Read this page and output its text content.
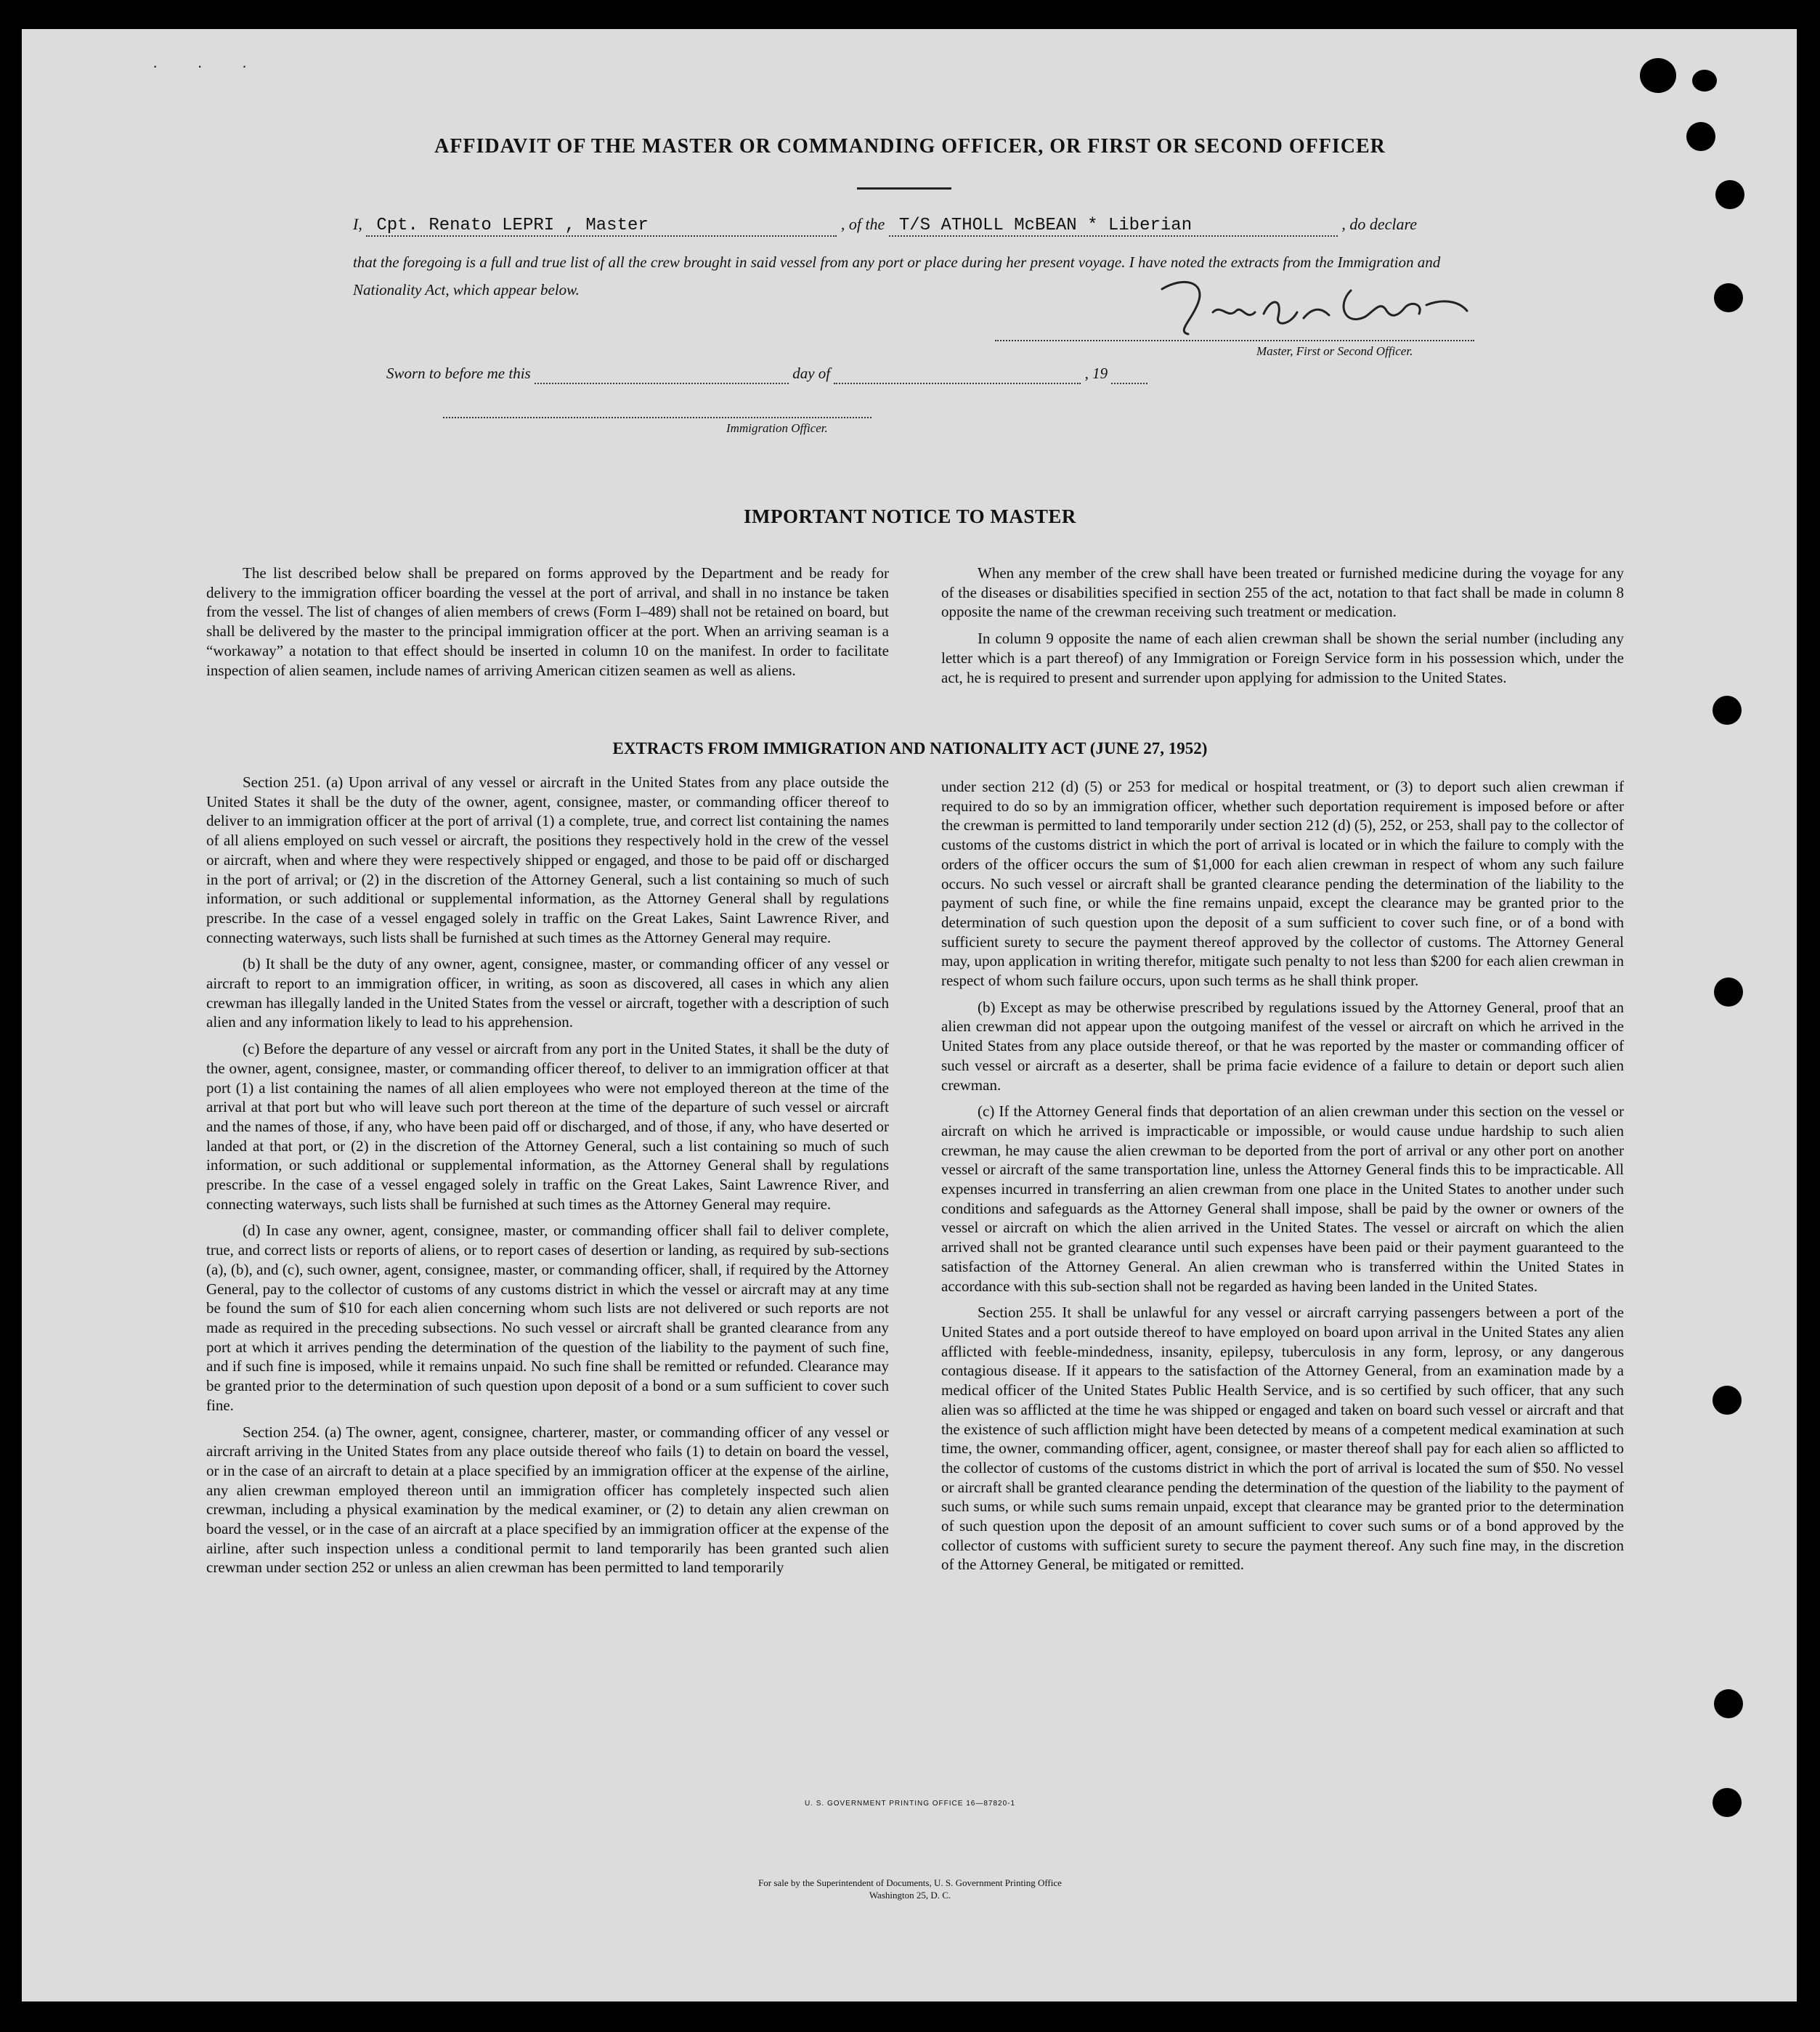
· · ·
AFFIDAVIT OF THE MASTER OR COMMANDING OFFICER, OR FIRST OR SECOND OFFICER
I, Cpt. Renato LEPRI , Master	, of the T/S ATHOLL McBEAN * Liberian	, do declare
that the foregoing is a full and true list of all the crew brought in said vessel from any port or place during her present voyage. I have noted the extracts from the Immigration and Nationality Act, which appear below.
Master, First or Second Officer.
Sworn to before me this	day of	, 19
Immigration Officer.
IMPORTANT NOTICE TO MASTER

The list described below shall be prepared on forms approved by the Department and be ready for delivery to the immigration officer boarding the vessel at the port of arrival, and shall in no instance be taken from the vessel. The list of changes of alien members of crews (Form I–489) shall not be retained on board, but shall be delivered by the master to the principal immigration officer at the port. When an arriving seaman is a “workaway” a notation to that effect should be inserted in column 10 on the manifest. In order to facilitate inspection of alien seamen, include names of arriving American citizen seamen as well as aliens.

When any member of the crew shall have been treated or furnished medicine during the voyage for any of the diseases or disabilities specified in section 255 of the act, notation to that fact shall be made in column 8 opposite the name of the crewman receiving such treatment or medication.

In column 9 opposite the name of each alien crewman shall be shown the serial number (including any letter which is a part thereof) of any Immigration or Foreign Service form in his possession which, under the act, he is required to present and surrender upon applying for admission to the United States.

EXTRACTS FROM IMMIGRATION AND NATIONALITY ACT (JUNE 27, 1952)

Section 251. (a) Upon arrival of any vessel or aircraft in the United States from any place outside the United States it shall be the duty of the owner, agent, consignee, master, or commanding officer thereof to deliver to an immigration officer at the port of arrival (1) a complete, true, and correct list containing the names of all aliens employed on such vessel or aircraft, the positions they respectively hold in the crew of the vessel or aircraft, when and where they were respectively shipped or engaged, and those to be paid off or discharged in the port of arrival; or (2) in the discretion of the Attorney General, such a list containing so much of such information, or such additional or supplemental information, as the Attorney General shall by regulations prescribe. In the case of a vessel engaged solely in traffic on the Great Lakes, Saint Lawrence River, and connecting waterways, such lists shall be furnished at such times as the Attorney General may require.

(b) It shall be the duty of any owner, agent, consignee, master, or commanding officer of any vessel or aircraft to report to an immigration officer, in writing, as soon as discovered, all cases in which any alien crewman has illegally landed in the United States from the vessel or aircraft, together with a description of such alien and any information likely to lead to his apprehension.

(c) Before the departure of any vessel or aircraft from any port in the United States, it shall be the duty of the owner, agent, consignee, master, or commanding officer thereof, to deliver to an immigration officer at that port (1) a list containing the names of all alien employees who were not employed thereon at the time of the arrival at that port but who will leave such port thereon at the time of the departure of such vessel or aircraft and the names of those, if any, who have been paid off or discharged, and of those, if any, who have deserted or landed at that port, or (2) in the discretion of the Attorney General, such a list containing so much of such information, or such additional or supplemental information, as the Attorney General shall by regulations prescribe. In the case of a vessel engaged solely in traffic on the Great Lakes, Saint Lawrence River, and connecting waterways, such lists shall be furnished at such times as the Attorney General may require.

(d) In case any owner, agent, consignee, master, or commanding officer shall fail to deliver complete, true, and correct lists or reports of aliens, or to report cases of desertion or landing, as required by sub-sections (a), (b), and (c), such owner, agent, consignee, master, or commanding officer, shall, if required by the Attorney General, pay to the collector of customs of any customs district in which the vessel or aircraft may at any time be found the sum of $10 for each alien concerning whom such lists are not delivered or such reports are not made as required in the preceding subsections. No such vessel or aircraft shall be granted clearance from any port at which it arrives pending the determination of the question of the liability to the payment of such fine, and if such fine is imposed, while it remains unpaid. No such fine shall be remitted or refunded. Clearance may be granted prior to the determination of such question upon deposit of a bond or a sum sufficient to cover such fine.

Section 254. (a) The owner, agent, consignee, charterer, master, or commanding officer of any vessel or aircraft arriving in the United States from any place outside thereof who fails (1) to detain on board the vessel, or in the case of an aircraft to detain at a place specified by an immigration officer at the expense of the airline, any alien crewman employed thereon until an immigration officer has completely inspected such alien crewman, including a physical examination by the medical examiner, or (2) to detain any alien crewman on board the vessel, or in the case of an aircraft at a place specified by an immigration officer at the expense of the airline, after such inspection unless a conditional permit to land temporarily has been granted such alien crewman under section 252 or unless an alien crewman has been permitted to land temporarily

under section 212 (d) (5) or 253 for medical or hospital treatment, or (3) to deport such alien crewman if required to do so by an immigration officer, whether such deportation requirement is imposed before or after the crewman is permitted to land temporarily under section 212 (d) (5), 252, or 253, shall pay to the collector of customs of the customs district in which the port of arrival is located or in which the failure to comply with the orders of the officer occurs the sum of $1,000 for each alien crewman in respect of whom any such failure occurs. No such vessel or aircraft shall be granted clearance pending the determination of the liability to the payment of such fine, or while the fine remains unpaid, except the clearance may be granted prior to the determination of such question upon the deposit of a sum sufficient to cover such fine, or of a bond with sufficient surety to secure the payment thereof approved by the collector of customs. The Attorney General may, upon application in writing therefor, mitigate such penalty to not less than $200 for each alien crewman in respect of whom such failure occurs, upon such terms as he shall think proper.

(b) Except as may be otherwise prescribed by regulations issued by the Attorney General, proof that an alien crewman did not appear upon the outgoing manifest of the vessel or aircraft on which he arrived in the United States from any place outside thereof, or that he was reported by the master or commanding officer of such vessel or aircraft as a deserter, shall be prima facie evidence of a failure to detain or deport such alien crewman.

(c) If the Attorney General finds that deportation of an alien crewman under this section on the vessel or aircraft on which he arrived is impracticable or impossible, or would cause undue hardship to such alien crewman, he may cause the alien crewman to be deported from the port of arrival or any other port on another vessel or aircraft of the same transportation line, unless the Attorney General finds this to be impracticable. All expenses incurred in transferring an alien crewman from one place in the United States to another under such conditions and safeguards as the Attorney General shall impose, shall be paid by the owner or owners of the vessel or aircraft on which the alien arrived in the United States. The vessel or aircraft on which the alien arrived shall not be granted clearance until such expenses have been paid or their payment guaranteed to the satisfaction of the Attorney General. An alien crewman who is transferred within the United States in accordance with this sub-section shall not be regarded as having been landed in the United States.

Section 255. It shall be unlawful for any vessel or aircraft carrying passengers between a port of the United States and a port outside thereof to have employed on board upon arrival in the United States any alien afflicted with feeble-mindedness, insanity, epilepsy, tuberculosis in any form, leprosy, or any dangerous contagious disease. If it appears to the satisfaction of the Attorney General, from an examination made by a medical officer of the United States Public Health Service, and is so certified by such officer, that any such alien was so afflicted at the time he was shipped or engaged and taken on board such vessel or aircraft and that the existence of such affliction might have been detected by means of a competent medical examination at such time, the owner, commanding officer, agent, consignee, or master thereof shall pay for each alien so afflicted to the collector of customs of the customs district in which the port of arrival is located the sum of $50. No vessel or aircraft shall be granted clearance pending the determination of the question of the liability to the payment of such sums, or while such sums remain unpaid, except that clearance may be granted prior to the determination of such question upon the deposit of an amount sufficient to cover such sums or of a bond approved by the collector of customs with sufficient surety to secure the payment thereof. Any such fine may, in the discretion of the Attorney General, be mitigated or remitted.

U. S. GOVERNMENT PRINTING OFFICE 16—87820-1
For sale by the Superintendent of Documents, U. S. Government Printing Office
Washington 25, D. C.
